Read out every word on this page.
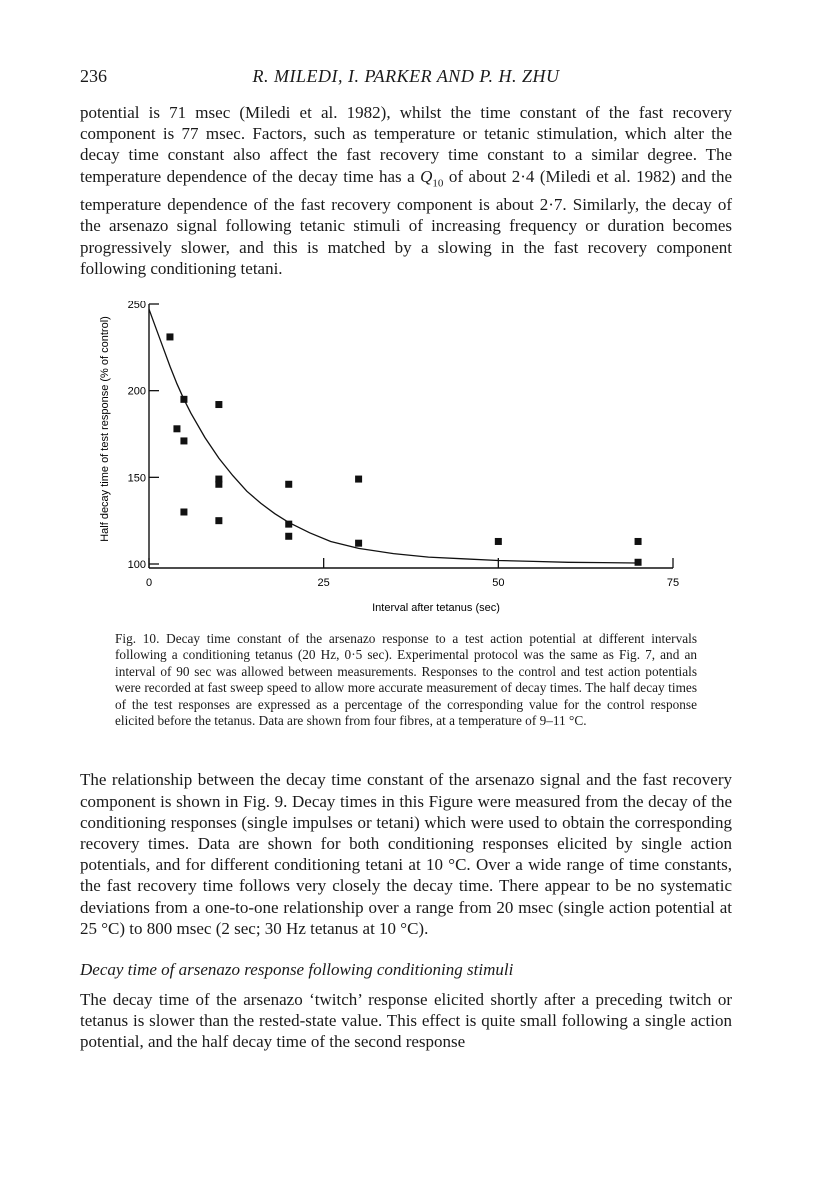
236	R. MILEDI, I. PARKER AND P. H. ZHU

potential is 71 msec (Miledi et al. 1982), whilst the time constant of the fast recovery component is 77 msec. Factors, such as temperature or tetanic stimulation, which alter the decay time constant also affect the fast recovery time constant to a similar degree. The temperature dependence of the decay time has a $Q_{10}$ of about 2·4 (Miledi et al. 1982) and the temperature dependence of the fast recovery component is about 2·7. Similarly, the decay of the arsenazo signal following tetanic stimuli of increasing frequency or duration becomes progressively slower, and this is matched by a slowing in the fast recovery component following conditioning tetani.

100
150
200
250
0	25	50	75
Half decay time of test response (% of control)
Interval after tetanus (sec)

Fig. 10. Decay time constant of the arsenazo response to a test action potential at different intervals following a conditioning tetanus (20 Hz, 0·5 sec). Experimental protocol was the same as Fig. 7, and an interval of 90 sec was allowed between measurements. Responses to the control and test action potentials were recorded at fast sweep speed to allow more accurate measurement of decay times. The half decay times of the test responses are expressed as a percentage of the corresponding value for the control response elicited before the tetanus. Data are shown from four fibres, at a temperature of 9–11 °C.

The relationship between the decay time constant of the arsenazo signal and the fast recovery component is shown in Fig. 9. Decay times in this Figure were measured from the decay of the conditioning responses (single impulses or tetani) which were used to obtain the corresponding recovery times. Data are shown for both conditioning responses elicited by single action potentials, and for different conditioning tetani at 10 °C. Over a wide range of time constants, the fast recovery time follows very closely the decay time. There appear to be no systematic deviations from a one-to-one relationship over a range from 20 msec (single action potential at 25 °C) to 800 msec (2 sec; 30 Hz tetanus at 10 °C).

Decay time of arsenazo response following conditioning stimuli

The decay time of the arsenazo ‘twitch’ response elicited shortly after a preceding twitch or tetanus is slower than the rested-state value. This effect is quite small following a single action potential, and the half decay time of the second response
